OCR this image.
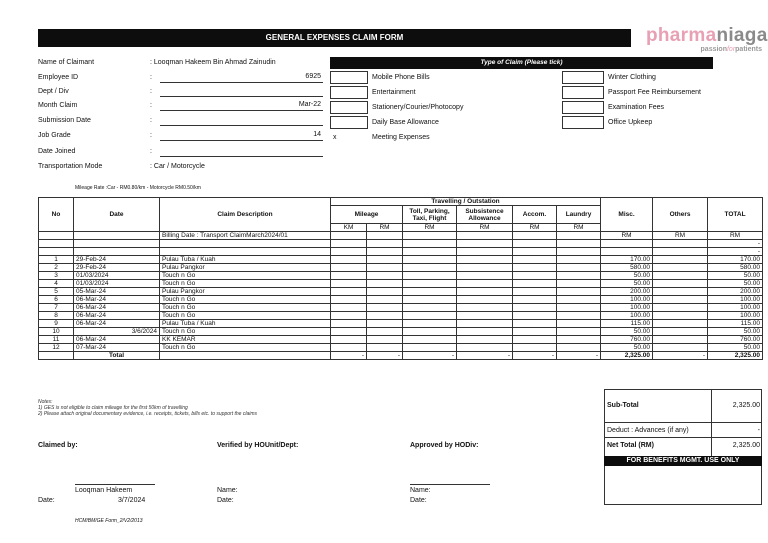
GENERAL EXPENSES CLAIM FORM	pharmaniaga
passionforpatients
Name of Claimant	: Looqman Hakeem Bin Ahmad Zainudin
Employee ID	:	6925
Dept / Div	:
Month Claim	:	Mar-22
Submission Date	:
Job Grade	:	14
Date Joined	:
Transportation Mode	: Car / Motorcycle
Mileage Rate :Car - RM0.80/km - Motorcycle RM0.50/km
Type of Claim (Please tick)
Mobile Phone Bills
Entertainment
Stationery/Courier/Photocopy
Daily Base Allowance
x	Meeting Expenses
Winter Clothing
Passport Fee Reimbursement
Examination Fees
Office Upkeep
No	Date	Claim Description	Travelling / Outstation						Misc.	Others	TOTAL
			Mileage		Toll, Parking, Taxi, Flight	Subsistence Allowance	Accom.	Laundry			
			KM	RM	RM	RM	RM	RM			
		Billing Date : Transport ClaimMarch2024/01							RM	RM	RM
											-
											-
1	29-Feb-24	Pulau Tuba / Kuah							170.00		170.00
2	29-Feb-24	Pulau Pangkor							580.00		580.00
3	01/03/2024	Touch n Go							50.00		50.00
4	01/03/2024	Touch n Go							50.00		50.00
5	05-Mar-24	Pulau Pangkor							200.00		200.00
6	06-Mar-24	Touch n Go							100.00		100.00
7	06-Mar-24	Touch n Go							100.00		100.00
8	06-Mar-24	Touch n Go							100.00		100.00
9	06-Mar-24	Pulau Tuba / Kuah							115.00		115.00
10	3/6/2024	Touch n Go							50.00		50.00
11	06-Mar-24	KK KEMAR							760.00		760.00
12	07-Mar-24	Touch n Go							50.00		50.00
	Total		-	-	-	-	-	-	2,325.00	-	2,325.00
Notes:
1) GES is not eligible to claim mileage for the first 50km of travelling
2) Please attach original documentary evidence, i.e. receipts, tickets, bills etc. to support the claims
Sub-Total	2,325.00
Deduct : Advances (if any)	-
Net Total (RM)	2,325.00
FOR BENEFITS MGMT. USE ONLY
Claimed by:	Verified by HOUnit/Dept:	Approved by HODiv:
Looqman Hakeem
Date:	3/7/2024
Name:
Date:
Name:
Date:
HCM/BM/GE Form_2/V2/2013
